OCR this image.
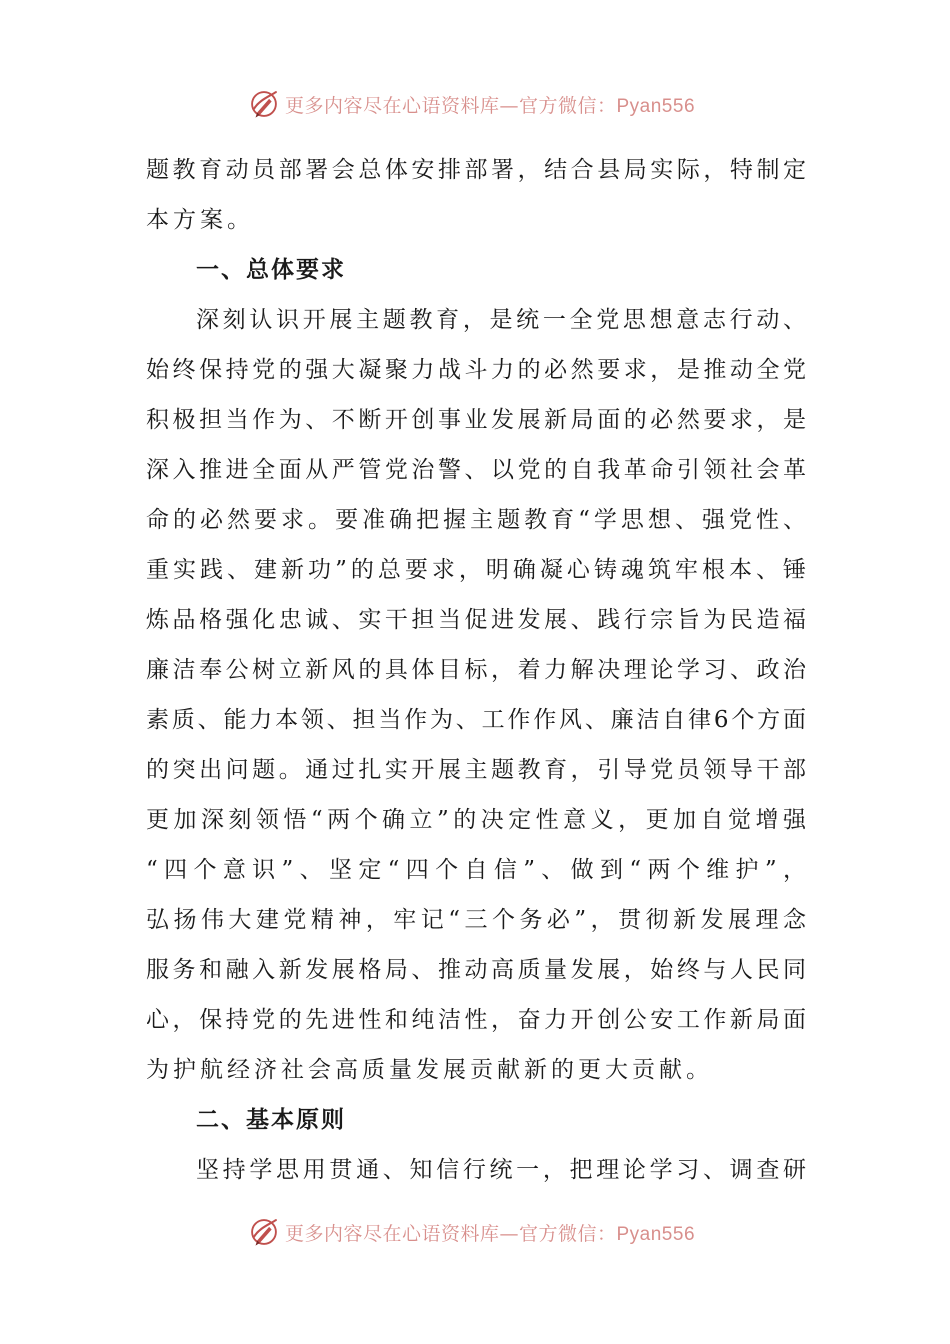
更多内容尽在心语资料库—官方微信：Pyan556
题教育动员部署会总体安排部署，结合县局实际，特制定
本方案。
一、总体要求
深刻认识开展主题教育，是统一全党思想意志行动、
始终保持党的强大凝聚力战斗力的必然要求，是推动全党
积极担当作为、不断开创事业发展新局面的必然要求，是
深入推进全面从严管党治警、以党的自我革命引领社会革
命的必然要求。要准确把握主题教育“学思想、强党性、
重实践、建新功”的总要求，明确凝心铸魂筑牢根本、锤
炼品格强化忠诚、实干担当促进发展、践行宗旨为民造福
廉洁奉公树立新风的具体目标，着力解决理论学习、政治
素质、能力本领、担当作为、工作作风、廉洁自律6个方面
的突出问题。通过扎实开展主题教育，引导党员领导干部
更加深刻领悟“两个确立”的决定性意义，更加自觉增强
“四个意识”、坚定“四个自信”、做到“两个维护”，
弘扬伟大建党精神，牢记“三个务必”，贯彻新发展理念
服务和融入新发展格局、推动高质量发展，始终与人民同
心，保持党的先进性和纯洁性，奋力开创公安工作新局面
为护航经济社会高质量发展贡献新的更大贡献。
二、基本原则
坚持学思用贯通、知信行统一，把理论学习、调查研
更多内容尽在心语资料库—官方微信：Pyan556
